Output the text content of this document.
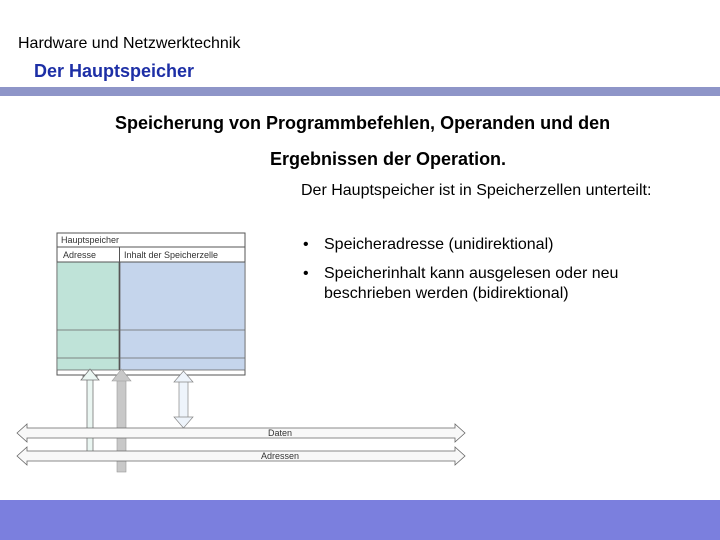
Hardware und Netzwerktechnik
Der Hauptspeicher
Speicherung von Programmbefehlen, Operanden und den
Ergebnissen der Operation.
Der Hauptspeicher ist in Speicherzellen unterteilt:
• Speicheradresse (unidirektional)
• Speicherinhalt kann ausgelesen oder neu beschrieben werden (bidirektional)
Hauptspeicher
Adresse	Inhalt der Speicherzelle
Daten
Adressen
